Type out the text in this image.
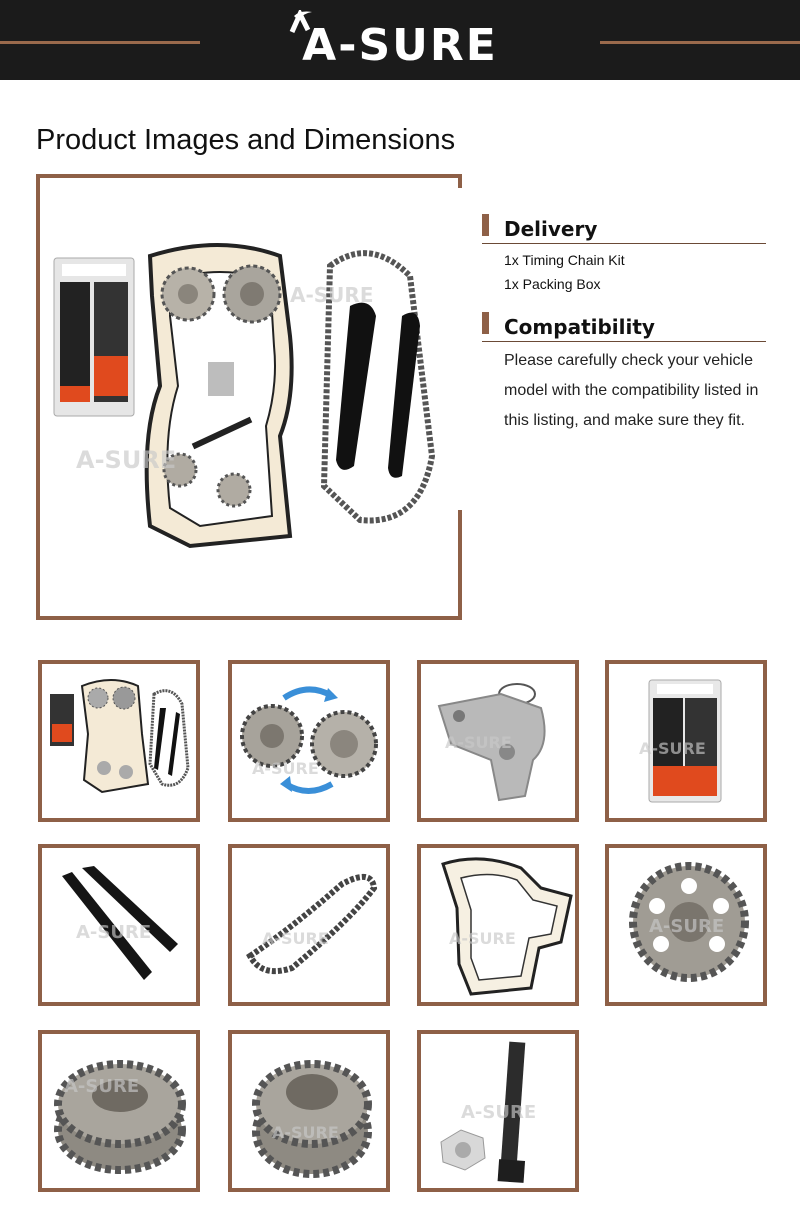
A-SURE
Product Images and Dimensions
A-SURE
A-SURE
Delivery
1x Timing Chain Kit
1x Packing Box
Compatibility
Please carefully check your vehicle
model with the compatibility listed in
this listing, and make sure they fit.
A-SURE
A-SURE	A-SURE
A-SURE	A-SURE	A-SURE
A-SURE
A-SURE
A-SURE
A-SURE
